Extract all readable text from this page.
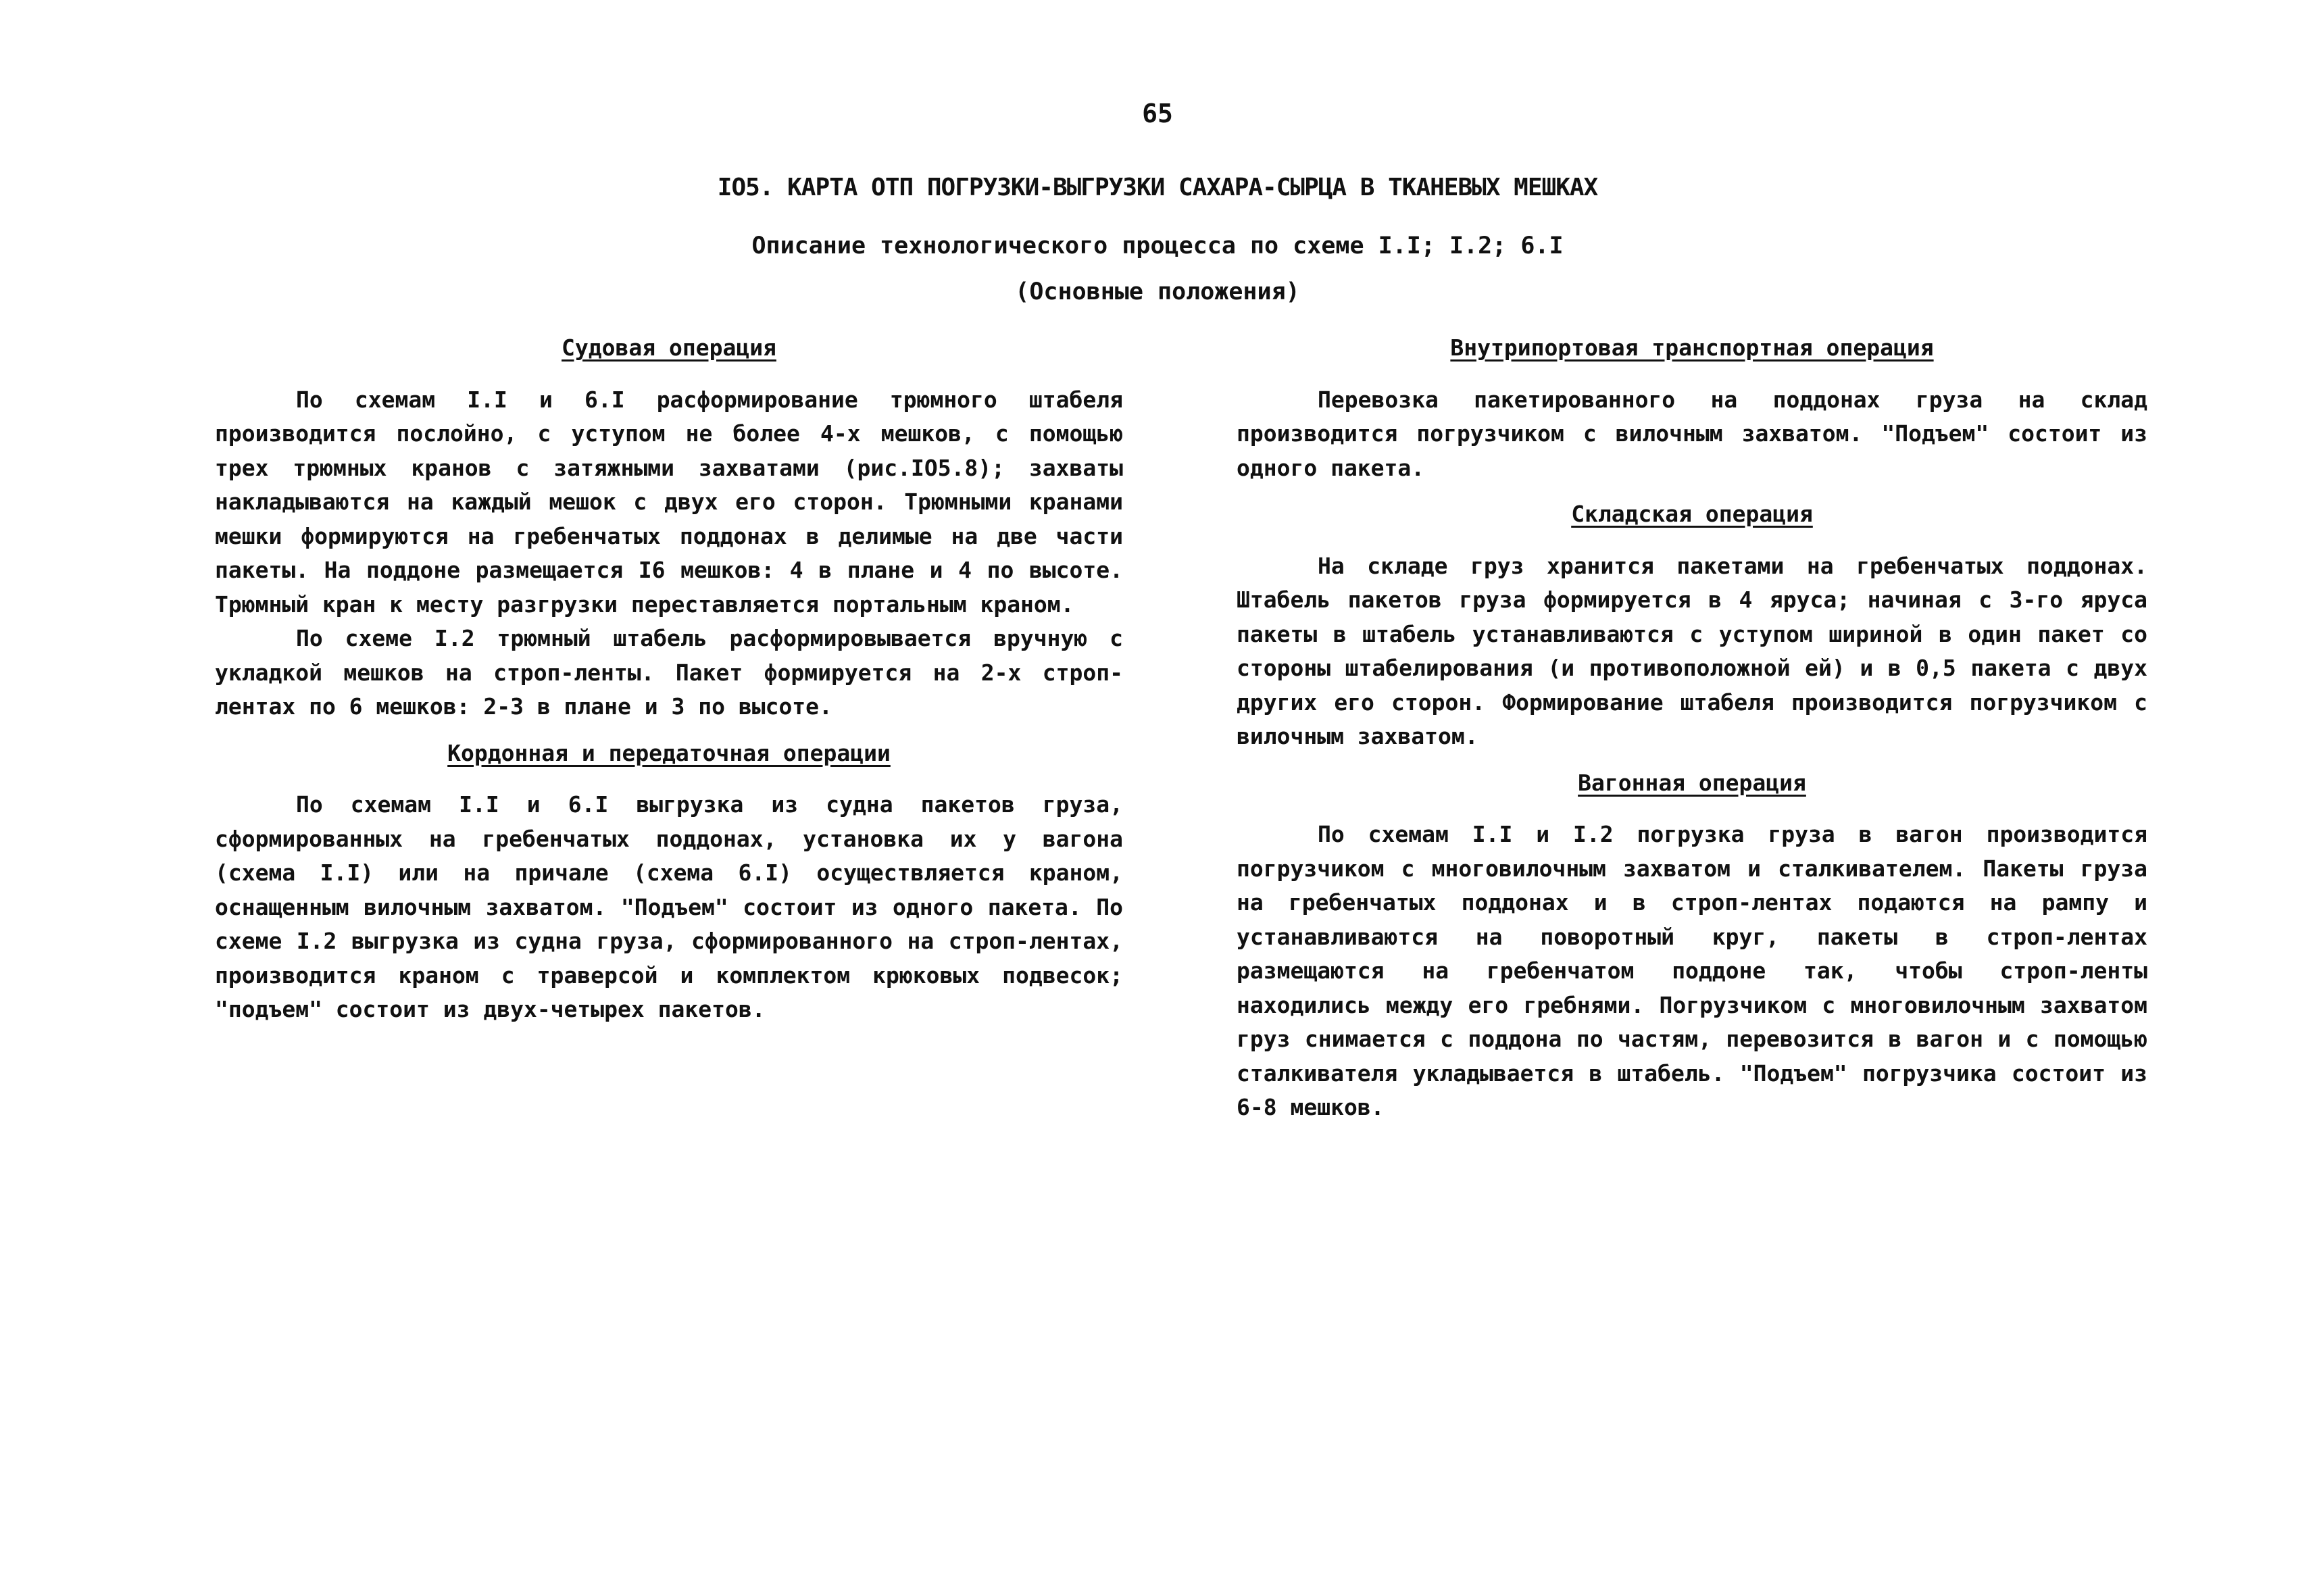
65
IO5. КАРТА ОТП ПОГРУЗКИ-ВЫГРУЗКИ САХАРА-СЫРЦА В ТКАНЕВЫХ МЕШКАХ
Описание технологического процесса по схеме I.I; I.2; 6.I
(Основные положения)
Судовая операция

По схемам I.I и 6.I расформирование трюмного штабеля производится послойно, с уступом не более 4-х мешков, с помощью трех трюмных кранов с затяжными захватами (рис.IO5.8); захваты накладываются на каждый мешок с двух его сторон. Трюмными кранами мешки формируются на гребенчатых поддонах в делимые на две части пакеты. На поддоне размещается I6 мешков: 4 в плане и 4 по высоте. Трюмный кран к месту разгрузки переставляется портальным краном.

По схеме I.2 трюмный штабель расформировывается вручную с укладкой мешков на строп-ленты. Пакет формируется на 2-х строп-лентах по 6 мешков: 2-3 в плане и 3 по высоте.

Кордонная и передаточная операции

По схемам I.I и 6.I выгрузка из судна пакетов груза, сформированных на гребенчатых поддонах, установка их у вагона (схема I.I) или на причале (схема 6.I) осуществляется краном, оснащенным вилочным захватом. "Подъем" состоит из одного пакета. По схеме I.2 выгрузка из судна груза, сформированного на строп-лентах, производится краном с траверсой и комплектом крюковых подвесок; "подъем" состоит из двух-четырех пакетов.

Внутрипортовая транспортная операция

Перевозка пакетированного на поддонах груза на склад производится погрузчиком с вилочным захватом. "Подъем" состоит из одного пакета.

Складская операция

На складе груз хранится пакетами на гребенчатых поддонах. Штабель пакетов груза формируется в 4 яруса; начиная с 3-го яруса пакеты в штабель устанавливаются с уступом шириной в один пакет со стороны штабелирования (и противоположной ей) и в 0,5 пакета с двух других его сторон. Формирование штабеля производится погрузчиком с вилочным захватом.

Вагонная операция

По схемам I.I и I.2 погрузка груза в вагон производится погрузчиком с многовилочным захватом и сталкивателем. Пакеты груза на гребенчатых поддонах и в строп-лентах подаются на рампу и устанавливаются на поворотный круг, пакеты в строп-лентах размещаются на гребенчатом поддоне так, чтобы строп-ленты находились между его гребнями. Погрузчиком с многовилочным захватом груз снимается с поддона по частям, перевозится в вагон и с помощью сталкивателя укладывается в штабель. "Подъем" погрузчика состоит из 6-8 мешков.
